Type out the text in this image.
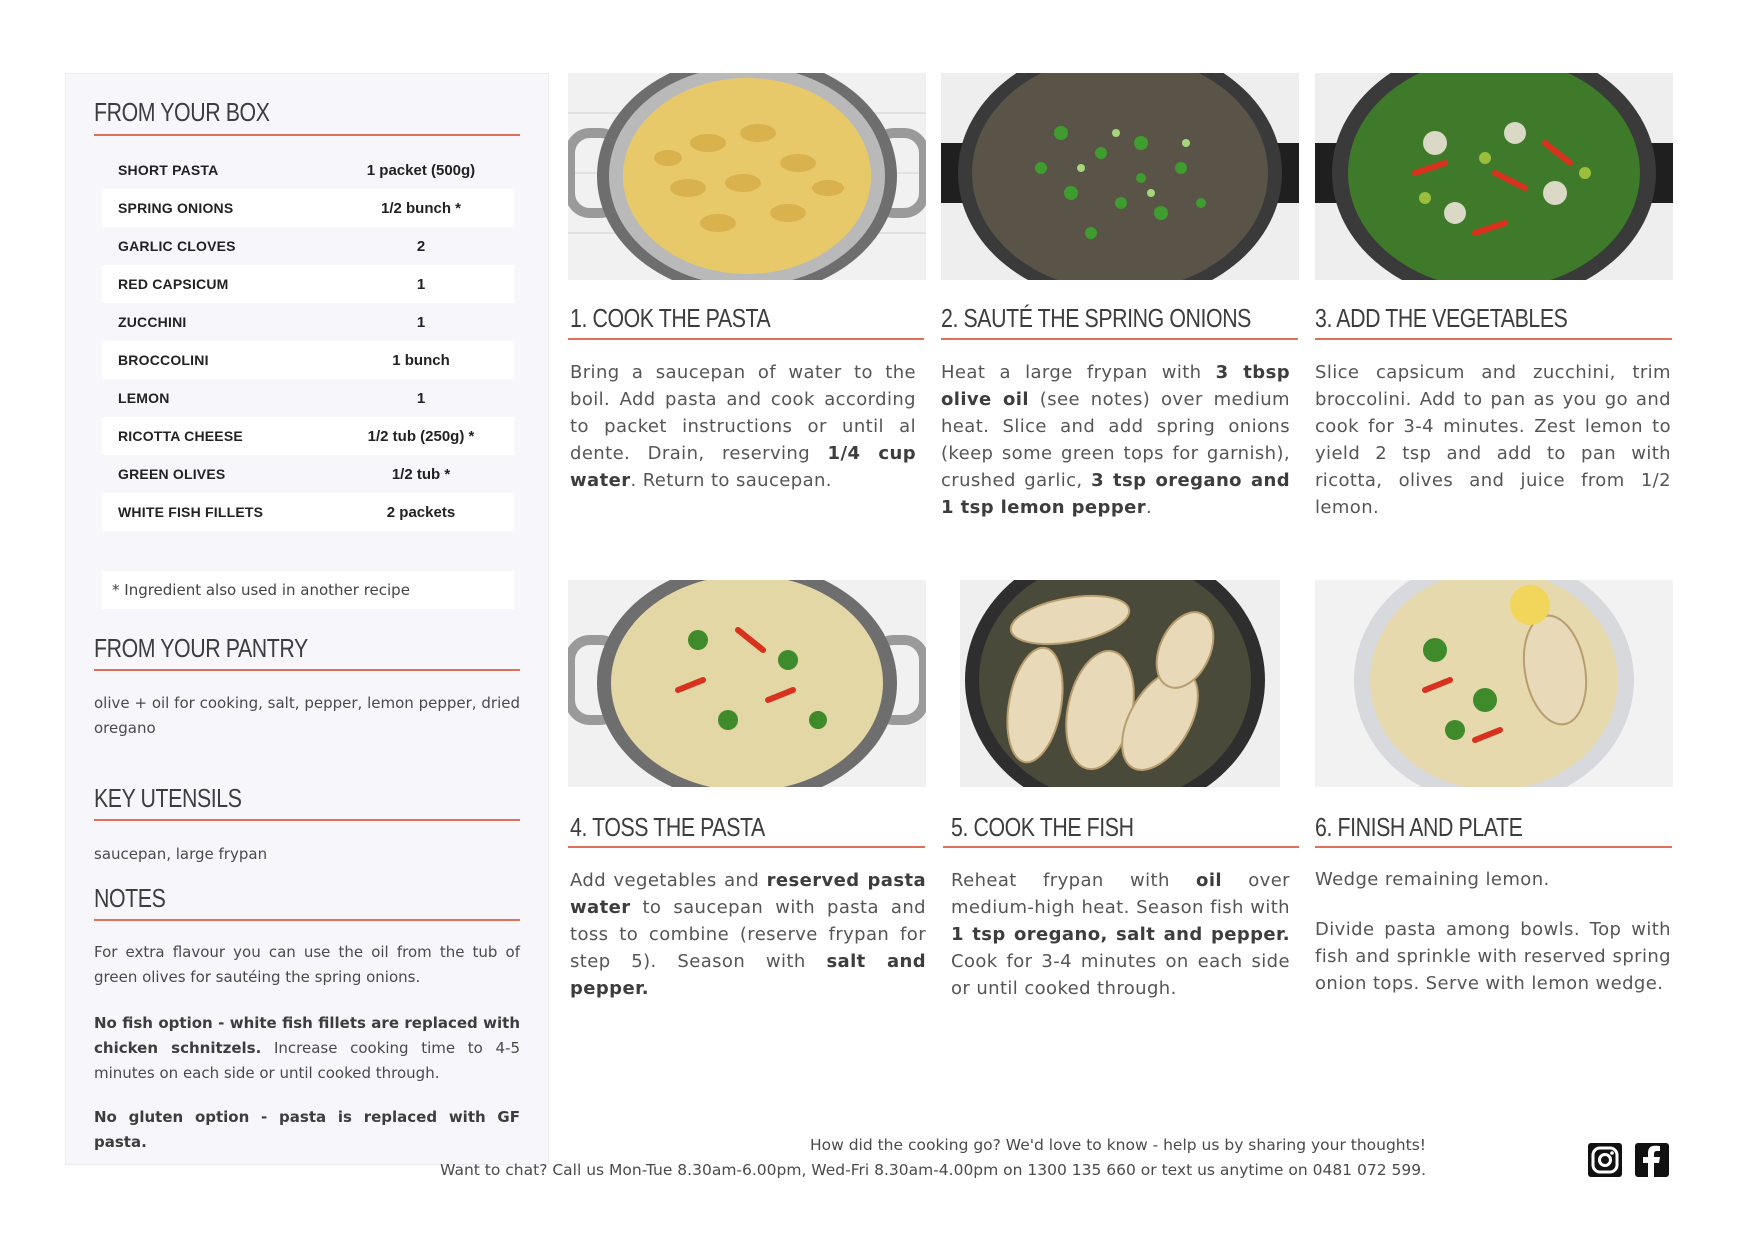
FROM YOUR BOX
SHORT PASTA	1 packet (500g)
SPRING ONIONS	1/2 bunch *
GARLIC CLOVES	2
RED CAPSICUM	1
ZUCCHINI	1
BROCCOLINI	1 bunch
LEMON	1
RICOTTA CHEESE	1/2 tub (250g) *
GREEN OLIVES	1/2 tub *
WHITE FISH FILLETS	2 packets
* Ingredient also used in another recipe
FROM YOUR PANTRY
olive + oil for cooking, salt, pepper, lemon pepper, dried oregano
KEY UTENSILS
saucepan, large frypan
NOTES
For extra flavour you can use the oil from the tub of green olives for sautéing the spring onions.
No fish option - white fish fillets are replaced with chicken schnitzels. Increase cooking time to 4-5 minutes on each side or until cooked through.
No gluten option - pasta is replaced with GF pasta.
1. COOK THE PASTA	2. SAUTÉ THE SPRING ONIONS 3. ADD THE VEGETABLES
4. TOSS THE PASTA	5. COOK THE FISH	6. FINISH AND PLATE
Bring a saucepan of water to the boil. Add pasta and cook according to packet instructions or until al dente. Drain, reserving 1/4 cup water. Return to saucepan.
Heat a large frypan with 3 tbsp olive oil (see notes) over medium heat. Slice and add spring onions (keep some green tops for garnish), crushed garlic, 3 tsp oregano and 1 tsp lemon pepper.
Slice capsicum and zucchini, trim broccolini. Add to pan as you go and cook for 3-4 minutes. Zest lemon to yield 2 tsp and add to pan with ricotta, olives and juice from 1/2 lemon.
Add vegetables and reserved pasta water to saucepan with pasta and toss to combine (reserve frypan for step 5). Season with salt and pepper.
Reheat frypan with oil over medium-high heat. Season fish with 1 tsp oregano, salt and pepper. Cook for 3-4 minutes on each side or until cooked through.
Wedge remaining lemon.
Divide pasta among bowls. Top with fish and sprinkle with reserved spring onion tops. Serve with lemon wedge.
How did the cooking go? We'd love to know - help us by sharing your thoughts!
Want to chat? Call us Mon-Tue 8.30am-6.00pm, Wed-Fri 8.30am-4.00pm on 1300 135 660 or text us anytime on 0481 072 599.
